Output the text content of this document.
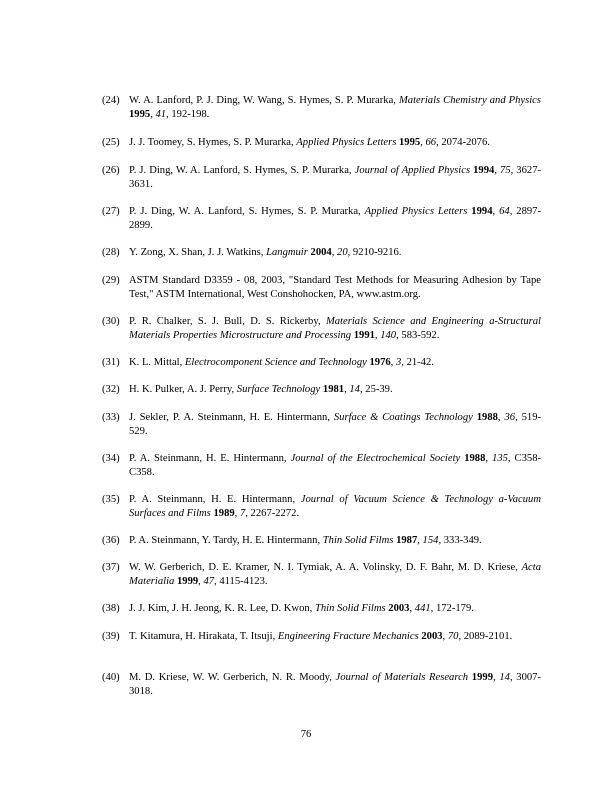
(24) W. A. Lanford, P. J. Ding, W. Wang, S. Hymes, S. P. Murarka, Materials Chemistry and Physics 1995, 41, 192-198.

(25) J. J. Toomey, S. Hymes, S. P. Murarka, Applied Physics Letters 1995, 66, 2074-2076.

(26) P. J. Ding, W. A. Lanford, S. Hymes, S. P. Murarka, Journal of Applied Physics 1994, 75, 3627-3631.

(27) P. J. Ding, W. A. Lanford, S. Hymes, S. P. Murarka, Applied Physics Letters 1994, 64, 2897-2899.

(28) Y. Zong, X. Shan, J. J. Watkins, Langmuir 2004, 20, 9210-9216.

(29) ASTM Standard D3359 - 08, 2003, "Standard Test Methods for Measuring Adhesion by Tape Test," ASTM International, West Conshohocken, PA, www.astm.org.

(30) P. R. Chalker, S. J. Bull, D. S. Rickerby, Materials Science and Engineering a-Structural Materials Properties Microstructure and Processing 1991, 140, 583-592.

(31) K. L. Mittal, Electrocomponent Science and Technology 1976, 3, 21-42.

(32) H. K. Pulker, A. J. Perry, Surface Technology 1981, 14, 25-39.

(33) J. Sekler, P. A. Steinmann, H. E. Hintermann, Surface & Coatings Technology 1988, 36, 519-529.

(34) P. A. Steinmann, H. E. Hintermann, Journal of the Electrochemical Society 1988, 135, C358-C358.

(35) P. A. Steinmann, H. E. Hintermann, Journal of Vacuum Science & Technology a-Vacuum Surfaces and Films 1989, 7, 2267-2272.

(36) P. A. Steinmann, Y. Tardy, H. E. Hintermann, Thin Solid Films 1987, 154, 333-349.

(37) W. W. Gerberich, D. E. Kramer, N. I. Tymiak, A. A. Volinsky, D. F. Bahr, M. D. Kriese, Acta Materialia 1999, 47, 4115-4123.

(38) J. J. Kim, J. H. Jeong, K. R. Lee, D. Kwon, Thin Solid Films 2003, 441, 172-179.

(39) T. Kitamura, H. Hirakata, T. Itsuji, Engineering Fracture Mechanics 2003, 70, 2089-2101.

(40) M. D. Kriese, W. W. Gerberich, N. R. Moody, Journal of Materials Research 1999, 14, 3007-3018.

76
